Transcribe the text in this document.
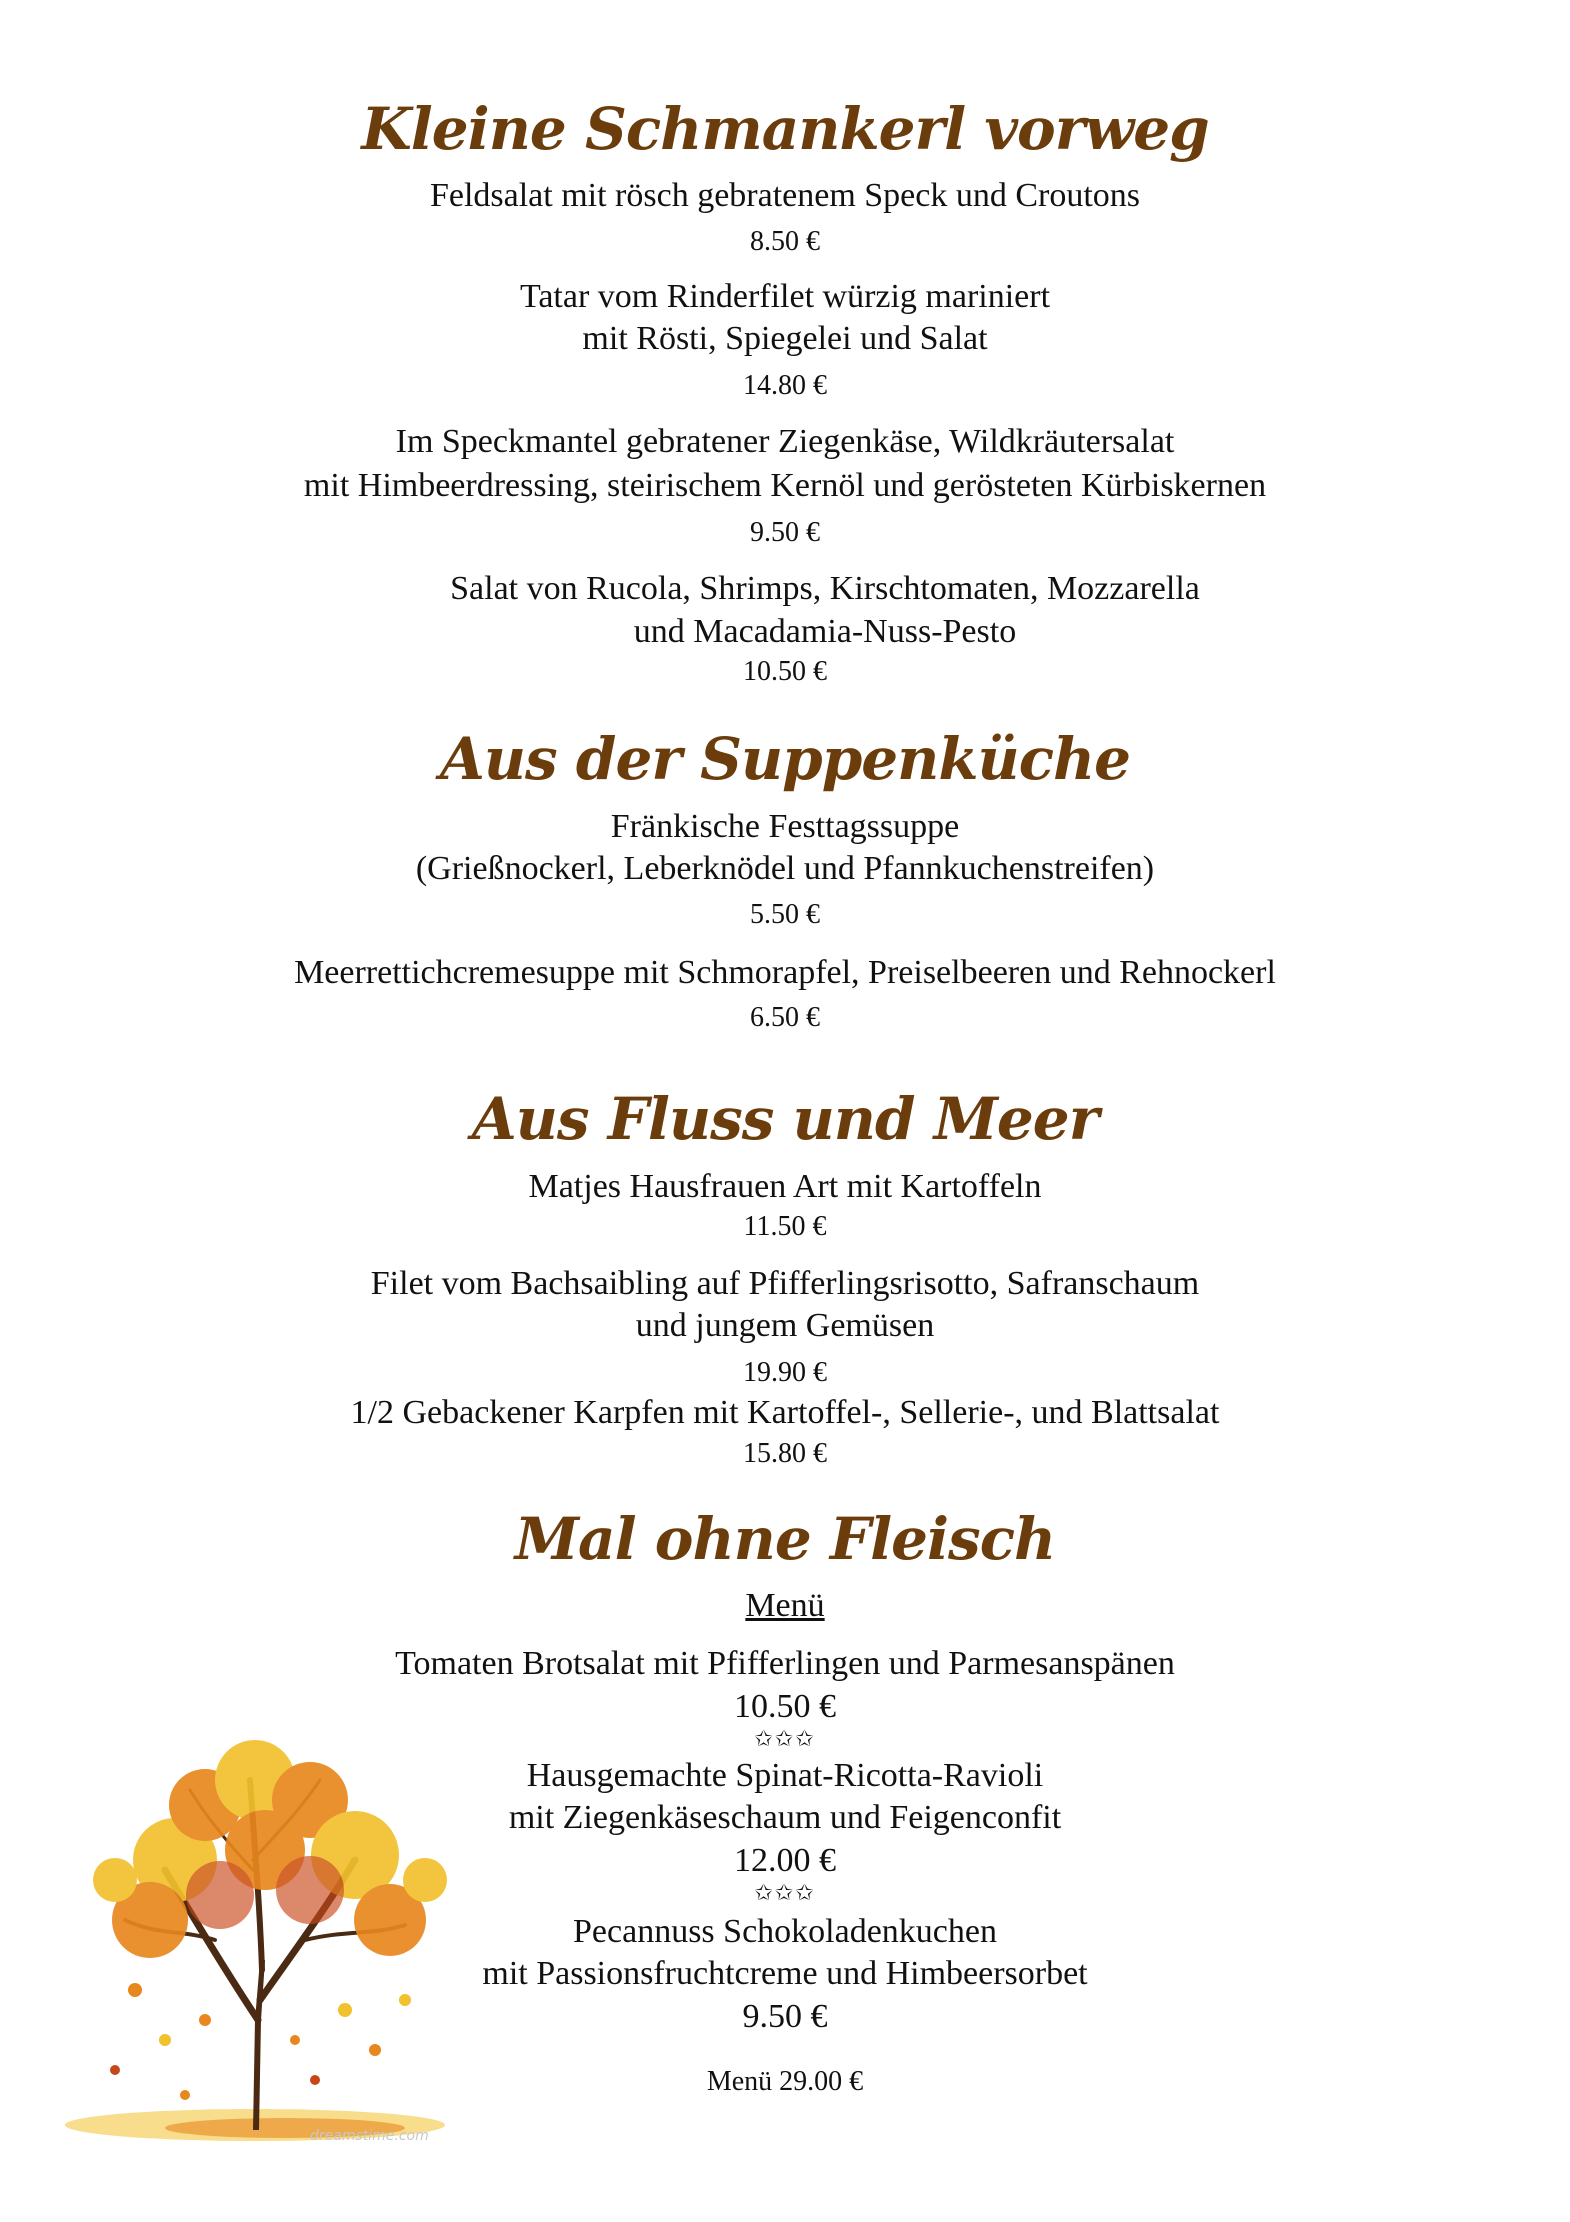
Kleine Schmankerl vorweg
Feldsalat mit rösch gebratenem Speck und Croutons
8.50 €
Tatar vom Rinderfilet würzig mariniert
mit Rösti, Spiegelei und Salat
14.80 €
Im Speckmantel gebratener Ziegenkäse, Wildkräutersalat
mit Himbeerdressing, steirischem Kernöl und gerösteten Kürbiskernen
9.50 €
Salat von Rucola, Shrimps, Kirschtomaten, Mozzarella
und Macadamia-Nuss-Pesto
10.50 €
Aus der Suppenküche
Fränkische Festtagssuppe
(Grießnockerl, Leberknödel und Pfannkuchenstreifen)
5.50 €
Meerrettichcremesuppe mit Schmorapfel, Preiselbeeren und Rehnockerl
6.50 €
Aus Fluss und Meer
Matjes Hausfrauen Art mit Kartoffeln
11.50 €
Filet vom Bachsaibling auf Pfifferlingsrisotto, Safranschaum
und jungem Gemüsen
19.90 €
1/2 Gebackener Karpfen mit Kartoffel-, Sellerie-, und Blattsalat
15.80 €
Mal ohne Fleisch
Menü
Tomaten Brotsalat mit Pfifferlingen und Parmesanspänen
10.50 €
✩✩✩
Hausgemachte Spinat-Ricotta-Ravioli
mit Ziegenkäseschaum und Feigenconfit
12.00 €
✩✩✩
Pecannuss Schokoladenkuchen
mit Passionsfruchtcreme und Himbeersorbet
9.50 €
Menü 29.00 €
dreamstime.com
